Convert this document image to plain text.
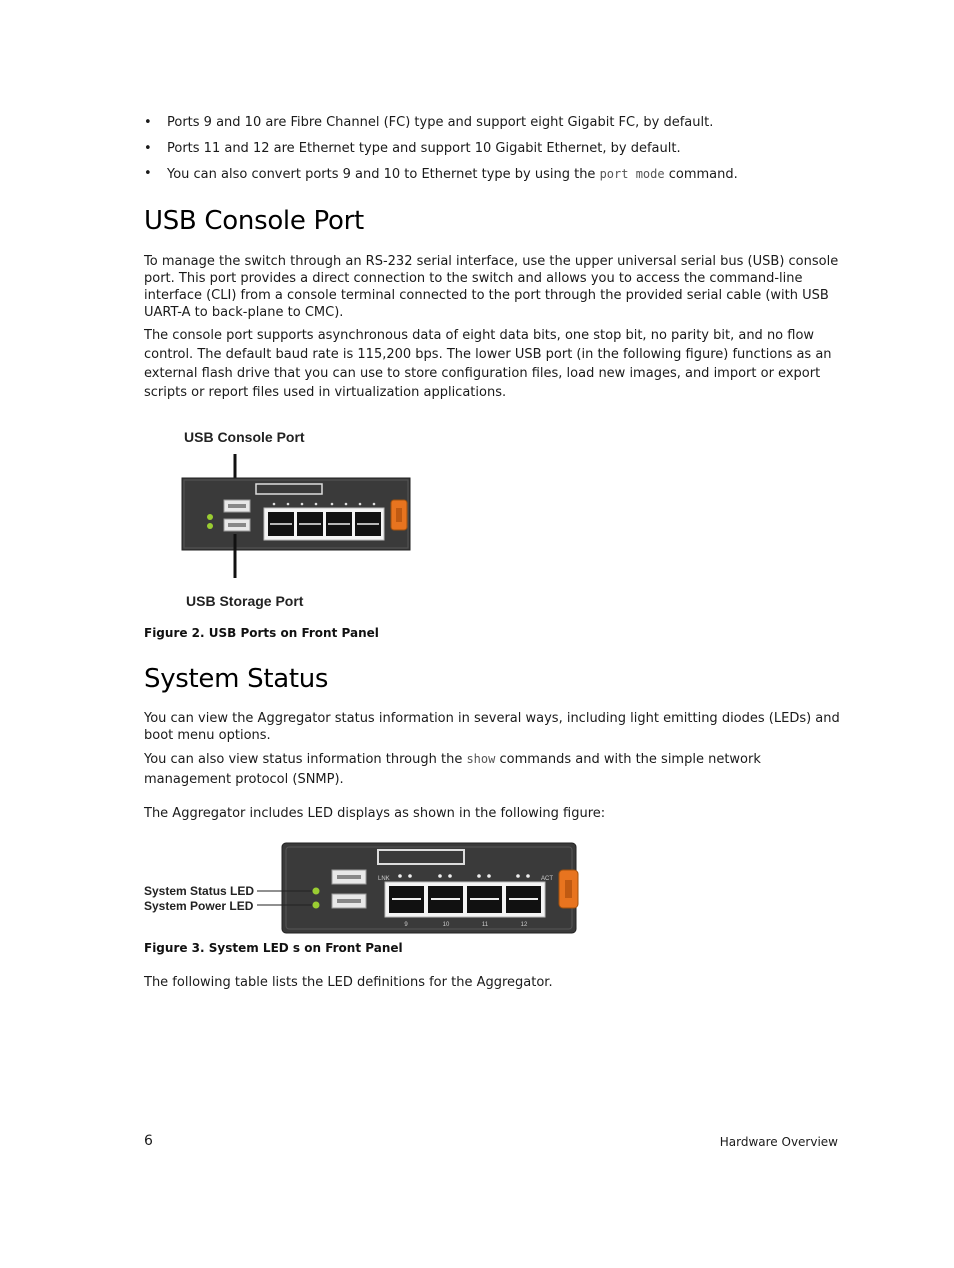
• Ports 9 and 10 are Fibre Channel (FC) type and support eight Gigabit FC, by default.
• Ports 11 and 12 are Ethernet type and support 10 Gigabit Ethernet, by default.
• You can also convert ports 9 and 10 to Ethernet type by using the port mode command.
USB Console Port

To manage the switch through an RS-232 serial interface, use the upper universal serial bus (USB) console port. This port provides a direct connection to the switch and allows you to access the command-line interface (CLI) from a console terminal connected to the port through the provided serial cable (with USB UART-A to back-plane to CMC).

The console port supports asynchronous data of eight data bits, one stop bit, no parity bit, and no flow control. The default baud rate is 115,200 bps. The lower USB port (in the following figure) functions as an external flash drive that you can use to store configuration files, load new images, and import or export scripts or report files used in virtualization applications.

USB Console Port
USB Storage Port

Figure 2. USB Ports on Front Panel

System Status

You can view the Aggregator status information in several ways, including light emitting diodes (LEDs) and boot menu options.

You can also view status information through the show commands and with the simple network management protocol (SNMP).

The Aggregator includes LED displays as shown in the following figure:

System Status LED
System Power LED
LNK	ACT
9	10	11	12

Figure 3. System LED s on Front Panel

The following table lists the LED definitions for the Aggregator.

6	Hardware Overview
